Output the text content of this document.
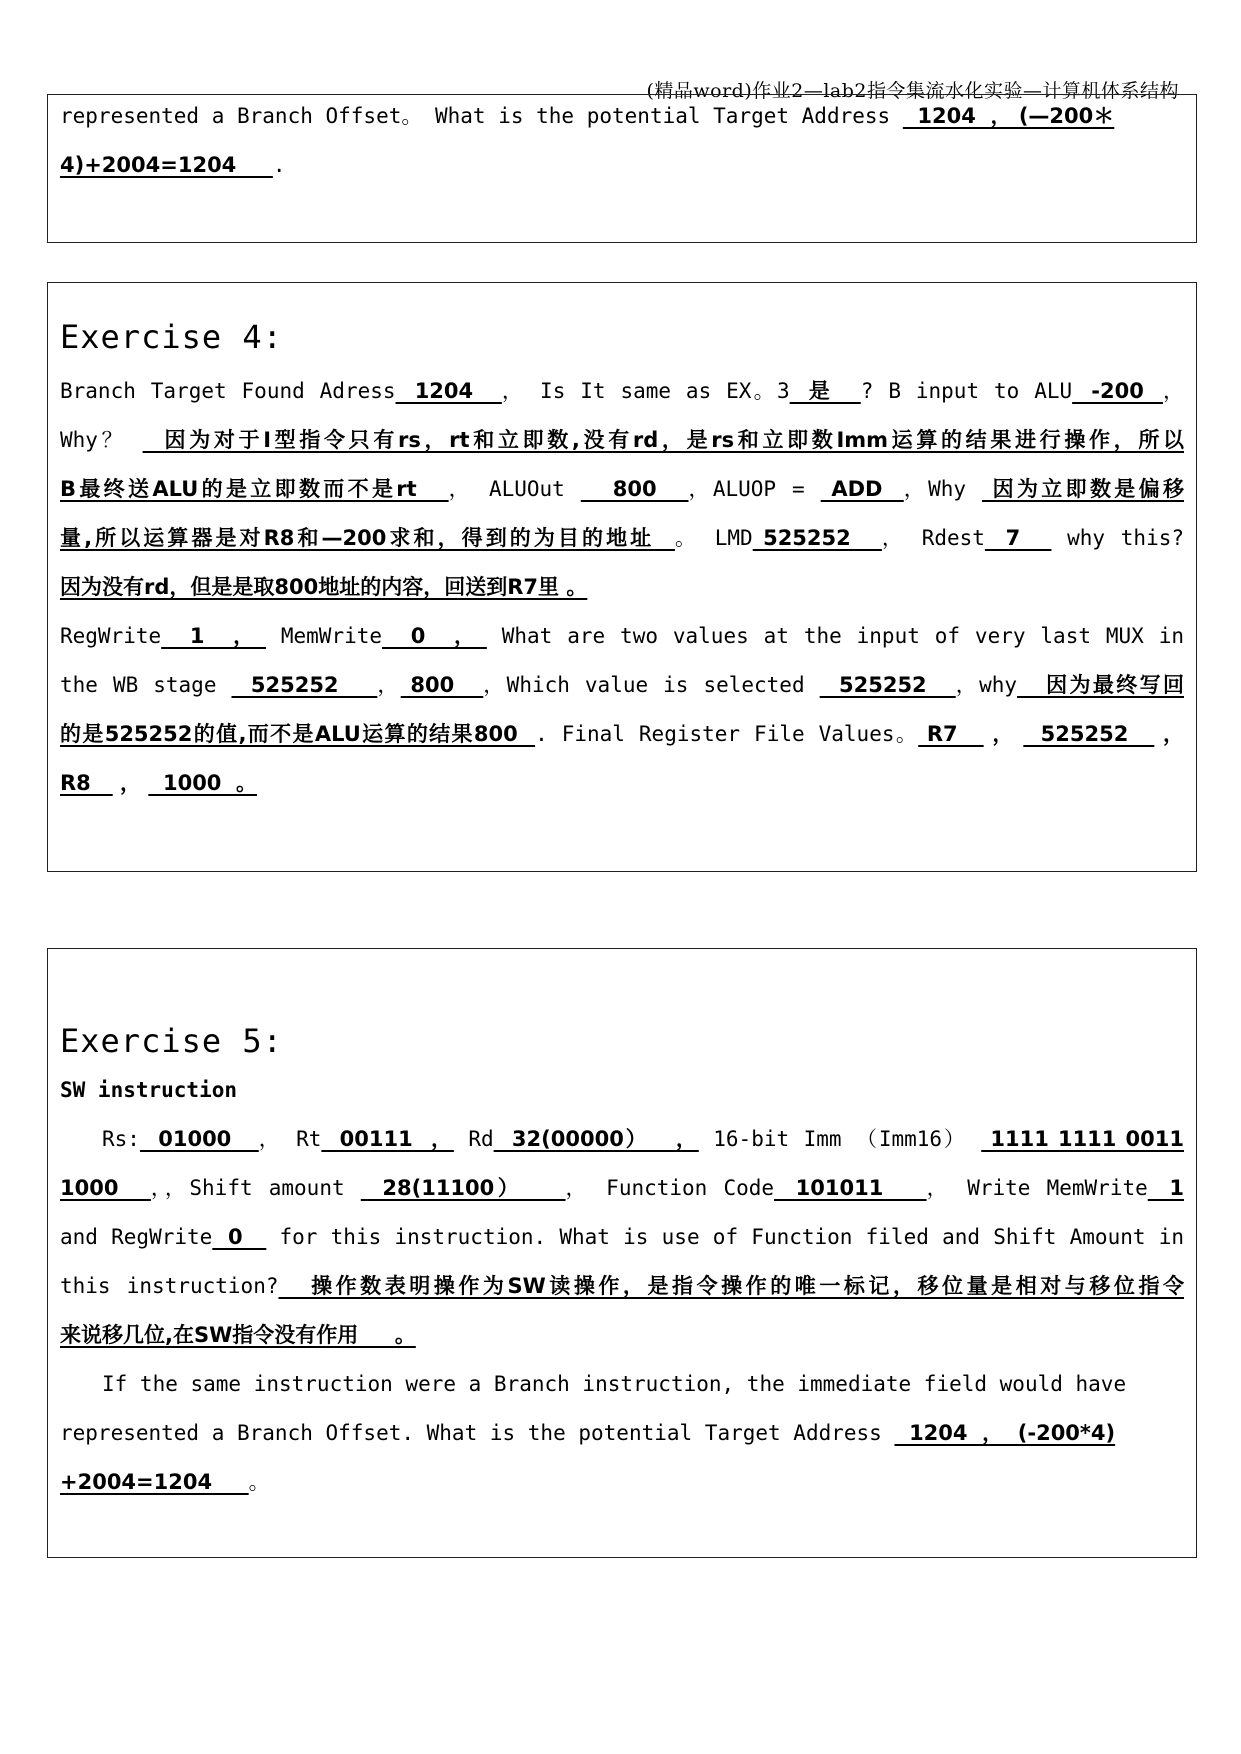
(精品word)作业2—lab2指令集流水化实验—计算机体系结构
represented a Branch Offset。 What is the potential Target Address   1204  ， (—200＊
4)+2004=1204     .
Exercise 4:
Branch Target Found Adress  1204   ， Is It same as EX。3  是   ? B input to ALU  -200  ，
Why？   因为对于I型指令只有rs，rt和立即数,没有rd，是rs和立即数Imm运算的结果进行操作，所以
B最终送ALU的是立即数而不是rt   ， ALUOut    800   ，ALUOP =  ADD  ，Why  因为立即数是偏移
量,所以运算器是对R8和—200求和，得到的为目的地址  。 LMD 525252   ， Rdest  7    why this?
因为没有rd，但是是取800地址的内容，回送到R7里 。
RegWrite   1   ，  MemWrite   0   ，  What are two values at the input of very last MUX in
the WB stage   525252    ， 800   ，Which value is selected   525252   ，why   因为最终写回
的是525252的值,而不是ALU运算的结果800  . Final Register File Values。 R7    ，   525252    ，
R8    ，   1000  。
Exercise 5:
SW instruction
Rs:  01000   ， Rt  00111  ， Rd  32(00000）   ， 16-bit Imm （Imm16）  1111 1111 0011
1000   ，，Shift amount   28(11100）    ， Function Code  101011    ， Write MemWrite  1
and RegWrite  0    for this instruction. What is use of Function filed and Shift Amount in
this instruction?   操作数表明操作为SW读操作，是指令操作的唯一标记，移位量是相对与移位指令
来说移几位,在SW指令没有作用     。
If the same instruction were a Branch instruction, the immediate field would have
represented a Branch Offset. What is the potential Target Address   1204  ，  (-200*4)
+2004=1204     。
